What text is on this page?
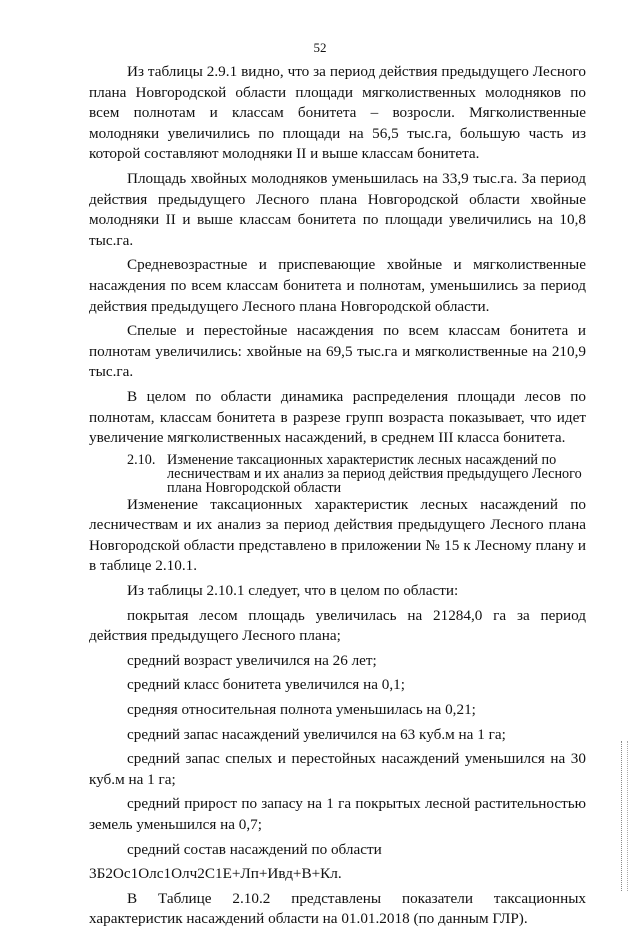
52

Из таблицы 2.9.1 видно, что за период действия предыдущего Лесного плана Новгородской области площади мягколиственных молодняков по всем полнотам и классам бонитета – возросли. Мягколиственные молодняки увеличились по площади на 56,5 тыс.га, большую часть из которой составляют молодняки II и выше классам бонитета.

Площадь хвойных молодняков уменьшилась на 33,9 тыс.га. За период действия предыдущего Лесного плана Новгородской области хвойные молодняки II и выше классам бонитета по площади увеличились на 10,8 тыс.га.

Средневозрастные и приспевающие хвойные и мягколиственные насаждения по всем классам бонитета и полнотам, уменьшились за период действия предыдущего Лесного плана Новгородской области.

Спелые и перестойные насаждения по всем классам бонитета и полнотам увеличились: хвойные на 69,5 тыс.га и мягколиственные на 210,9 тыс.га.

В целом по области динамика распределения площади лесов по полнотам, классам бонитета в разрезе групп возраста показывает, что идет увеличение мягколиственных насаждений, в среднем III класса бонитета.

2.10. Изменение таксационных характеристик лесных насаждений по лесничествам и их анализ за период действия предыдущего Лесного плана Новгородской области

Изменение таксационных характеристик лесных насаждений по лесничествам и их анализ за период действия предыдущего Лесного плана Новгородской области представлено в приложении № 15 к Лесному плану и в таблице 2.10.1.

Из таблицы 2.10.1 следует, что в целом по области:

покрытая лесом площадь увеличилась на 21284,0 га за период действия предыдущего Лесного плана;

средний возраст увеличился на 26 лет;

средний класс бонитета увеличился на 0,1;

средняя относительная полнота уменьшилась на 0,21;

средний запас насаждений увеличился на 63 куб.м на 1 га;

средний запас спелых и перестойных насаждений уменьшился на 30 куб.м на 1 га;

средний прирост по запасу на 1 га покрытых лесной растительностью земель уменьшился на 0,7;

средний состав насаждений по области

3Б2Ос1Олс1Олч2С1Е+Лп+Ивд+В+Кл.

В Таблице 2.10.2 представлены показатели таксационных характеристик насаждений области на 01.01.2018 (по данным ГЛР).
